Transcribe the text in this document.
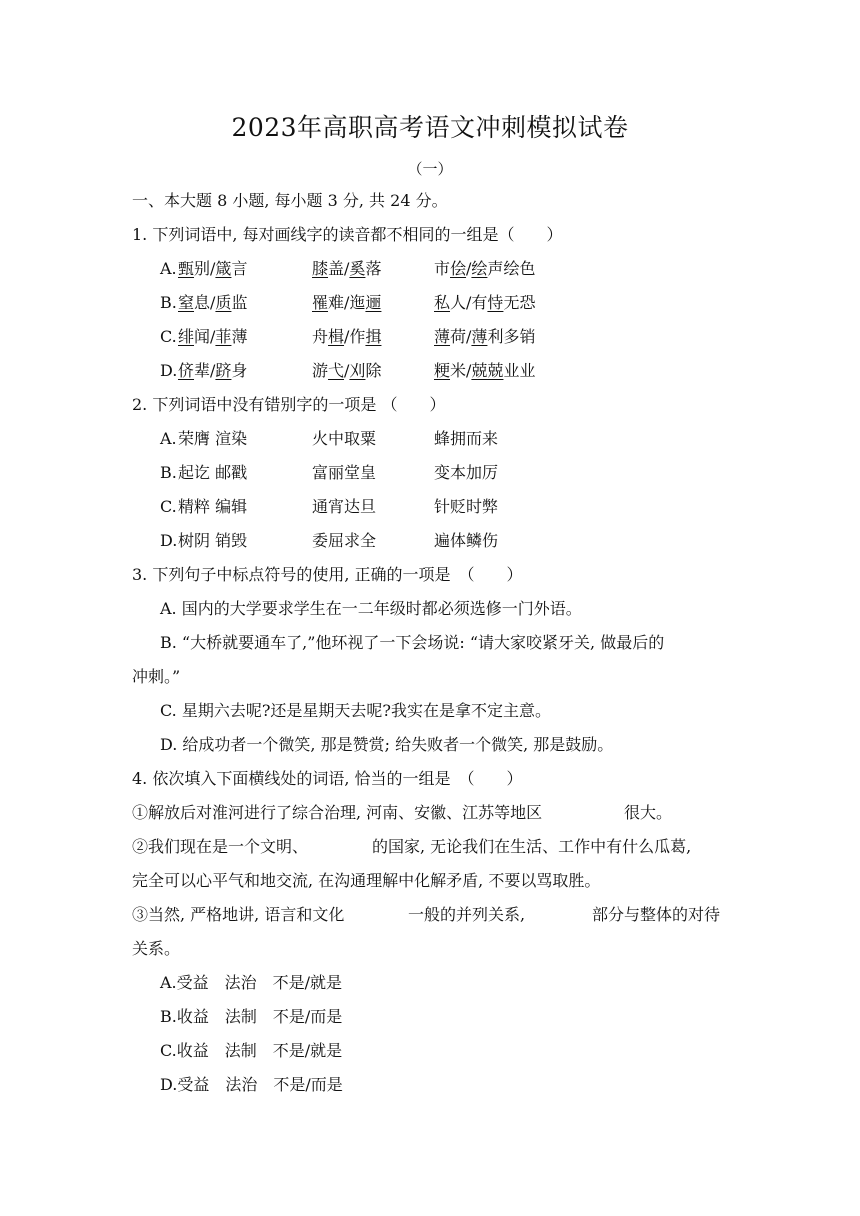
2023年高职高考语文冲刺模拟试卷
（一）
一、本大题 8 小题, 每小题 3 分, 共 24 分。
1. 下列词语中, 每对画线字的读音都不相同的一组是（　　）
A. 甄别/箴言	膝盖/奚落	市侩/绘声绘色
B. 窒息/质监	罹难/迤逦	私人/有恃无恐
C. 绯闻/菲薄	舟楫/作揖	薄荷/薄利多销
D. 侪辈/跻身	游弋/刈除	粳米/兢兢业业
2. 下列词语中没有错别字的一项是 （　　）
A. 荣膺 渲染	火中取粟	蜂拥而来
B. 起讫 邮戳	富丽堂皇	变本加厉
C. 精粹 编辑	通宵达旦	针贬时弊
D. 树阴 销毁	委屈求全	遍体鳞伤
3. 下列句子中标点符号的使用, 正确的一项是　（　　）
A. 国内的大学要求学生在一二年级时都必须选修一门外语。
B. “大桥就要通车了,”他环视了一下会场说: “请大家咬紧牙关, 做最后的
冲刺。”
C. 星期六去呢?还是星期天去呢?我实在是拿不定主意。
D. 给成功者一个微笑, 那是赞赏; 给失败者一个微笑, 那是鼓励。
4. 依次填入下面横线处的词语, 恰当的一组是　（　　）
①解放后对淮河进行了综合治理, 河南、安徽、江苏等地区	很大。
②我们现在是一个文明、	的国家, 无论我们在生活、工作中有什么瓜葛,
完全可以心平气和地交流, 在沟通理解中化解矛盾, 不要以骂取胜。
③当然, 严格地讲, 语言和文化	一般的并列关系,	部分与整体的对待
关系。
A.受益　法治　不是/就是
B.收益　法制　不是/而是
C.收益　法制　不是/就是
D.受益　法治　不是/而是
